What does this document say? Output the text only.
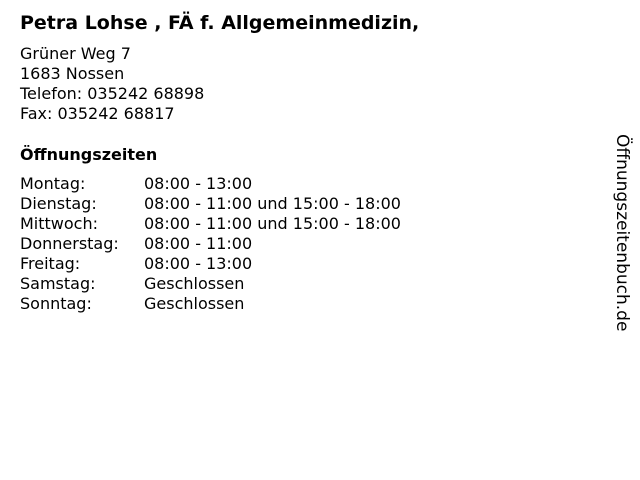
Petra Lohse , FÄ f. Allgemeinmedizin,
Grüner Weg 7
1683 Nossen
Telefon: 035242 68898
Fax: 035242 68817
Öffnungszeiten
Montag:	08:00 - 13:00
Dienstag:	08:00 - 11:00 und 15:00 - 18:00
Mittwoch:	08:00 - 11:00 und 15:00 - 18:00
Donnerstag:	08:00 - 11:00
Freitag:	08:00 - 13:00
Samstag:	Geschlossen
Sonntag:	Geschlossen	Öffnungszeitenbuch.de
